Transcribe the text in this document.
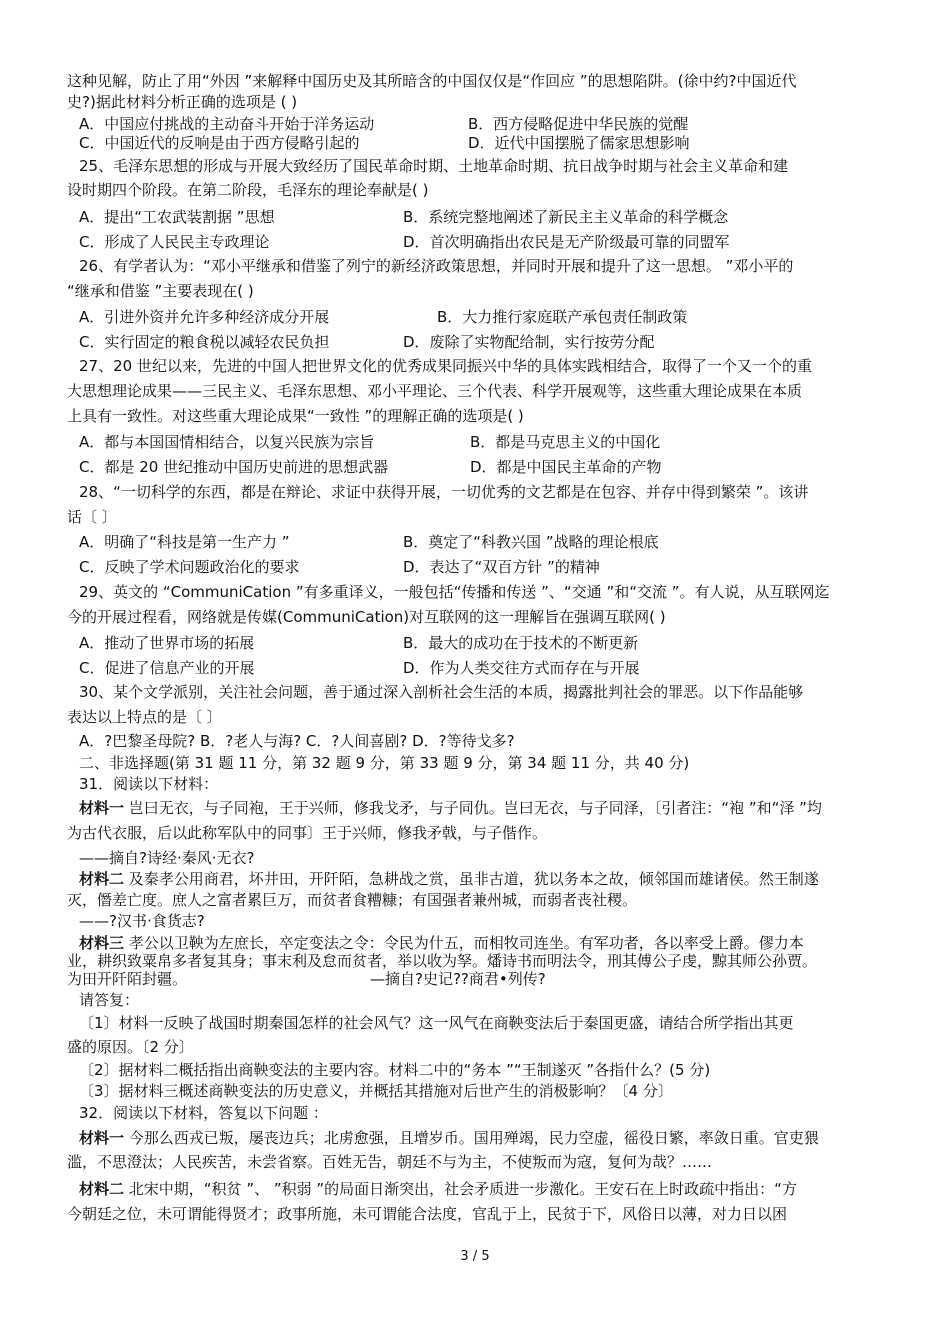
这种见解，防止了用“外因 ”来解释中国历史及其所暗含的中国仅仅是“作回应 ”的思想陷阱。(徐中约?中国近代
史?)据此材料分析正确的选项是 ( )
A．中国应付挑战的主动奋斗开始于洋务运动	B．西方侵略促进中华民族的觉醒
C．中国近代的反响是由于西方侵略引起的	D．近代中国摆脱了儒家思想影响
25、毛泽东思想的形成与开展大致经历了国民革命时期、土地革命时期、抗日战争时期与社会主义革命和建
设时期四个阶段。在第二阶段，毛泽东的理论奉献是( )
A．提出“工农武装割据 ”思想	B．系统完整地阐述了新民主主义革命的科学概念
C．形成了人民民主专政理论	D．首次明确指出农民是无产阶级最可靠的同盟军
26、有学者认为：“邓小平继承和借鉴了列宁的新经济政策思想，并同时开展和提升了这一思想。 ”邓小平的
“继承和借鉴 ”主要表现在( )
A．引进外资并允许多种经济成分开展	B．大力推行家庭联产承包责任制政策
C．实行固定的粮食税以减轻农民负担	D．废除了实物配给制，实行按劳分配
27、20 世纪以来，先进的中国人把世界文化的优秀成果同振兴中华的具体实践相结合，取得了一个又一个的重
大思想理论成果——三民主义、毛泽东思想、邓小平理论、三个代表、科学开展观等，这些重大理论成果在本质
上具有一致性。对这些重大理论成果“一致性 ”的理解正确的选项是( )
A．都与本国国情相结合，以复兴民族为宗旨	B．都是马克思主义的中国化
C．都是 20 世纪推动中国历史前进的思想武器	D．都是中国民主革命的产物
28、“一切科学的东西，都是在辩论、求证中获得开展，一切优秀的文艺都是在包容、并存中得到繁荣 ”。该讲
话〔 〕
A．明确了“科技是第一生产力 ”	B．奠定了“科教兴国 ”战略的理论根底
C．反映了学术问题政治化的要求	D．表达了“双百方针 ”的精神
29、英文的 “CommuniCation ”有多重译义，一般包括“传播和传送 ”、“交通 ”和“交流 ”。有人说，从互联网迄
今的开展过程看，网络就是传媒(CommuniCation)对互联网的这一理解旨在强调互联网( )
A．推动了世界市场的拓展	B．最大的成功在于技术的不断更新
C．促进了信息产业的开展	D．作为人类交往方式而存在与开展
30、某个文学派别，关注社会问题，善于通过深入剖析社会生活的本质，揭露批判社会的罪恶。以下作品能够
表达以上特点的是〔 〕
A．?巴黎圣母院? B．?老人与海? C．?人间喜剧? D．?等待戈多?
二、非选择题(第 31 题 11 分，第 32 题 9 分，第 33 题 9 分，第 34 题 11 分，共 40 分)
31．阅读以下材料：
材料一 岂曰无衣，与子同袍，王于兴师，修我戈矛，与子同仇。岂曰无衣，与子同泽，〔引者注：“袍 ”和“泽 ”均
为古代衣服，后以此称军队中的同事〕王于兴师，修我矛戟，与子偕作。
——摘自?诗经·秦风·无衣?
材料二 及秦孝公用商君，坏井田，开阡陌，急耕战之赏，虽非古道，犹以务本之故，倾邻国而雄诸侯。然王制遂
灭，僭差亡度。庶人之富者累巨万，而贫者食糟糠；有国强者兼州城，而弱者丧社稷。
——?汉书·食货志?
材料三 孝公以卫鞅为左庶长，卒定变法之令：令民为什五，而相牧司连坐。有军功者，各以率受上爵。僇力本
业，耕织致粟帛多者复其身；事末利及怠而贫者，举以收为孥。燔诗书而明法令，刑其傅公子虔，黥其师公孙贾。
为田开阡陌封疆。	—摘自?史记??商君•列传?
请答复：
〔1〕材料一反映了战国时期秦国怎样的社会风气？这一风气在商鞅变法后于秦国更盛，请结合所学指出其更
盛的原因。〔2 分〕
〔2〕据材料二概括指出商鞅变法的主要内容。材料二中的“务本 ”“王制遂灭 ”各指什么？(5 分)
〔3〕据材料三概述商鞅变法的历史意义，并概括其措施对后世产生的消极影响？〔4 分〕
32．阅读以下材料，答复以下问题 ：
材料一 今那么西戎已叛，屡丧边兵；北虏愈强，且增岁币。国用殚竭，民力空虚，徭役日繁，率敛日重。官吏猥
滥，不思澄汰；人民疾苦，未尝省察。百姓无告，朝廷不与为主，不使叛而为寇，复何为哉？……
材料二 北宋中期，“积贫 ”、 ”积弱 ”的局面日渐突出，社会矛质进一步激化。王安石在上时政疏中指出：“方
今朝廷之位，未可谓能得贤才；政事所施，未可谓能合法度，官乱于上，民贫于下，风俗日以薄，对力日以困
3 / 5
